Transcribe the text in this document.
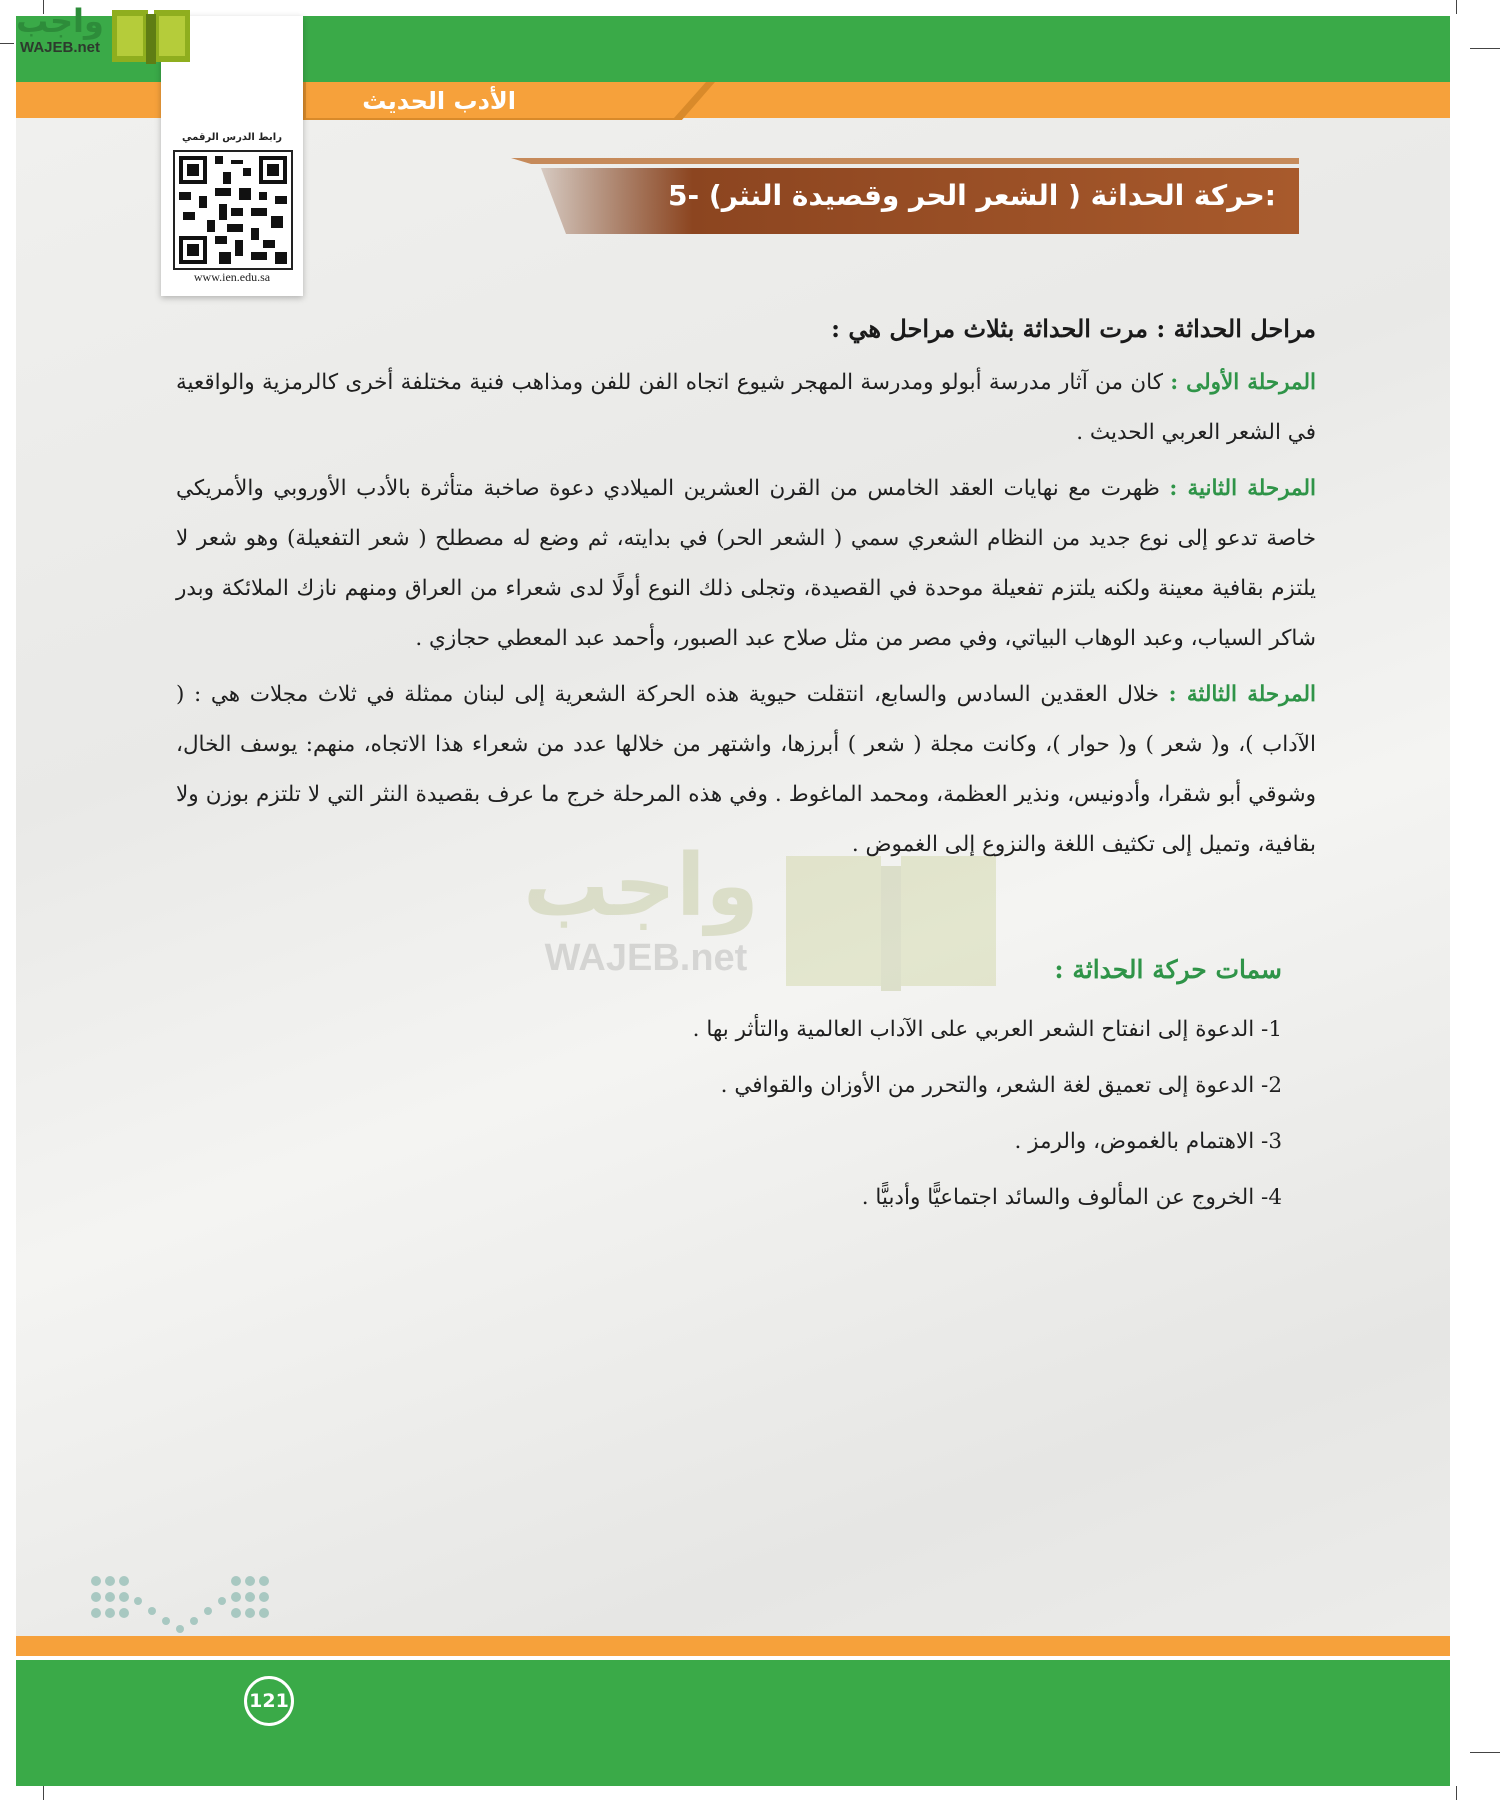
الأدب الحديث
5- حركة الحداثة ( الشعر الحر وقصيدة النثر):

مراحل الحداثة : مرت الحداثة بثلاث مراحل هي :

المرحلة الأولى : كان من آثار مدرسة أبولو ومدرسة المهجر شيوع اتجاه الفن للفن ومذاهب فنية مختلفة أخرى كالرمزية والواقعية في الشعر العربي الحديث .

المرحلة الثانية : ظهرت مع نهايات العقد الخامس من القرن العشرين الميلادي دعوة صاخبة متأثرة بالأدب الأوروبي والأمريكي خاصة تدعو إلى نوع جديد من النظام الشعري سمي ( الشعر الحر) في بدايته، ثم وضع له مصطلح ( شعر التفعيلة) وهو شعر لا يلتزم بقافية معينة ولكنه يلتزم تفعيلة موحدة في القصيدة، وتجلى ذلك النوع أولًا لدى شعراء من العراق ومنهم نازك الملائكة وبدر شاكر السياب، وعبد الوهاب البياتي، وفي مصر من مثل صلاح عبد الصبور، وأحمد عبد المعطي حجازي .

المرحلة الثالثة : خلال العقدين السادس والسابع، انتقلت حيوية هذه الحركة الشعرية إلى لبنان ممثلة في ثلاث مجلات هي : ( الآداب )، و( شعر ) و( حوار )، وكانت مجلة ( شعر ) أبرزها، واشتهر من خلالها عدد من شعراء هذا الاتجاه، منهم: يوسف الخال، وشوقي أبو شقرا، وأدونيس، ونذير العظمة، ومحمد الماغوط . وفي هذه المرحلة خرج ما عرف بقصيدة النثر التي لا تلتزم بوزن ولا بقافية، وتميل إلى تكثيف اللغة والنزوع إلى الغموض .

واجب
WAJEB.net	سمات حركة الحداثة :
1- الدعوة إلى انفتاح الشعر العربي على الآداب العالمية والتأثر بها .
2- الدعوة إلى تعميق لغة الشعر، والتحرر من الأوزان والقوافي .
3- الاهتمام بالغموض، والرمز .
4- الخروج عن المألوف والسائد اجتماعيًّا وأدبيًّا .
121
رابط الدرس الرقمي
www.ien.edu.sa
واجب
WAJEB.net
